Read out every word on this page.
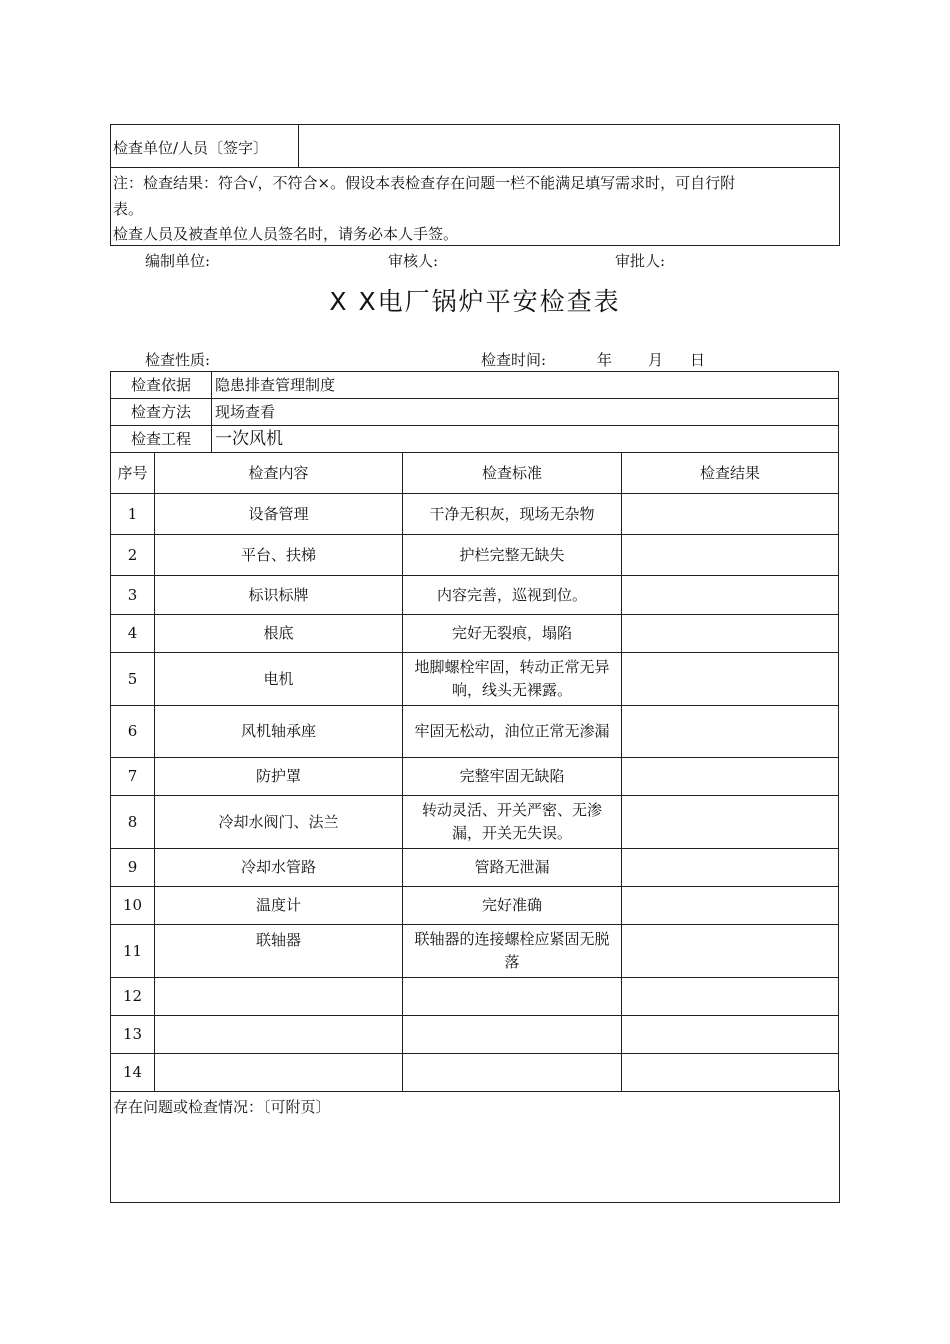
检查单位/人员〔签字〕
注：检查结果：符合√，不符合×。假设本表检查存在问题一栏不能满足填写需求时，可自行附
表。
检查人员及被查单位人员签名时，请务必本人手签。
编制单位:	审核人:	审批人:
X X电厂锅炉平安检查表
检查性质:	检查时间:	年 月 日
检查依据	隐患排查管理制度
检查方法	现场查看
检查工程	一次风机
序号	检查内容	检查标准	检查结果
1	设备管理	干净无积灰，现场无杂物	
2	平台、扶梯	护栏完整无缺失	
3	标识标牌	内容完善，巡视到位。	
4	根底	完好无裂痕，塌陷	
5	电机	地脚螺栓牢固，转动正常无异响，线头无裸露。	
6	风机轴承座	牢固无松动，油位正常无渗漏	
7	防护罩	完整牢固无缺陷	
8	冷却水阀门、法兰	转动灵活、开关严密、无渗漏，开关无失误。	
9	冷却水管路	管路无泄漏	
10	温度计	完好准确	
11	联轴器	联轴器的连接螺栓应紧固无脱落	
12			
13			
14			
存在问题或检查情况：〔可附页〕
